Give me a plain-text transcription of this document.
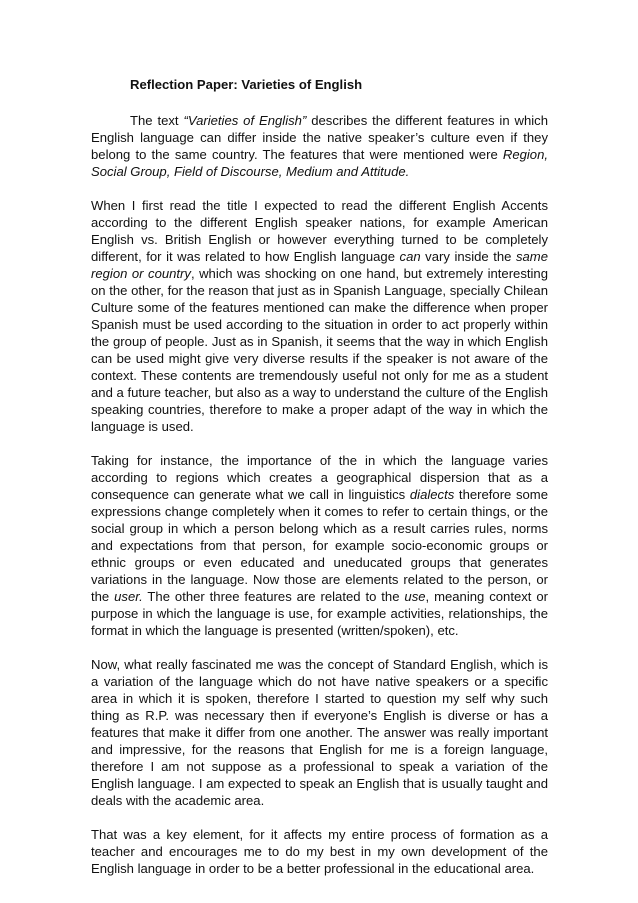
Reflection Paper: Varieties of English

The text “Varieties of English” describes the different features in which English language can differ inside the native speaker’s culture even if they belong to the same country. The features that were mentioned were Region, Social Group, Field of Discourse, Medium and Attitude.

When I first read the title I expected to read the different English Accents according to the different English speaker nations, for example American English vs. British English or however everything turned to be completely different, for it was related to how English language can vary inside the same region or country, which was shocking on one hand, but extremely interesting on the other, for the reason that just as in Spanish Language, specially Chilean Culture some of the features mentioned can make the difference when proper Spanish must be used according to the situation in order to act properly within the group of people. Just as in Spanish, it seems that the way in which English can be used might give very diverse results if the speaker is not aware of the context. These contents are tremendously useful not only for me as a student and a future teacher, but also as a way to understand the culture of the English speaking countries, therefore to make a proper adapt of the way in which the language is used.

Taking for instance, the importance of the in which the language varies according to regions which creates a geographical dispersion that as a consequence can generate what we call in linguistics dialects therefore some expressions change completely when it comes to refer to certain things, or the social group in which a person belong which as a result carries rules, norms and expectations from that person, for example socio-economic groups or ethnic groups or even educated and uneducated groups that generates variations in the language. Now those are elements related to the person, or the user. The other three features are related to the use, meaning context or purpose in which the language is use, for example activities, relationships, the format in which the language is presented (written/spoken), etc.

Now, what really fascinated me was the concept of Standard English, which is a variation of the language which do not have native speakers or a specific area in which it is spoken, therefore I started to question my self why such thing as R.P. was necessary then if everyone’s English is diverse or has a features that make it differ from one another. The answer was really important and impressive, for the reasons that English for me is a foreign language, therefore I am not suppose as a professional to speak a variation of the English language. I am expected to speak an English that is usually taught and deals with the academic area.

That was a key element, for it affects my entire process of formation as a teacher and encourages me to do my best in my own development of the English language in order to be a better professional in the educational area.
